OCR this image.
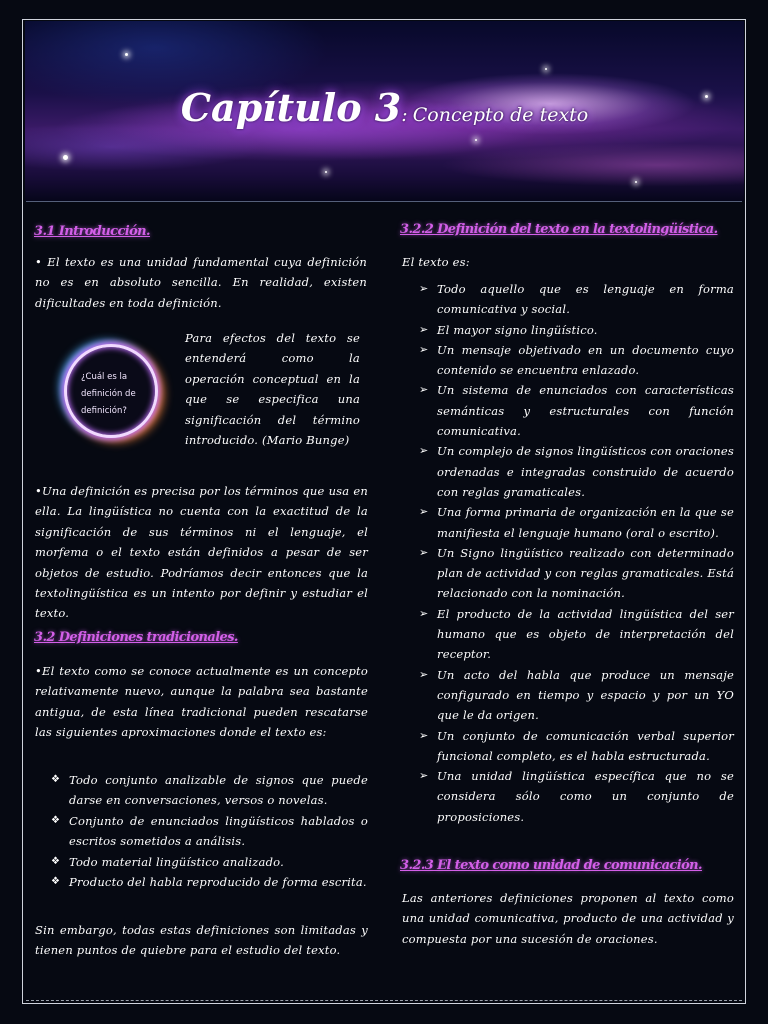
Capítulo 3: Concepto de texto
3.1 Introducción.
• El texto es una unidad fundamental cuya definición no es en absoluto sencilla. En realidad, existen dificultades en toda definición.
¿Cuál es la definición de definición?
Para efectos del texto se entenderá como la operación conceptual en la que se especifica una significación del término introducido. (Mario Bunge)
•Una definición es precisa por los términos que usa en ella. La lingüística no cuenta con la exactitud de la significación de sus términos ni el lenguaje, el morfema o el texto están definidos a pesar de ser objetos de estudio. Podríamos decir entonces que la textolingüística es un intento por definir y estudiar el texto.
3.2 Definiciones tradicionales.
•El texto como se conoce actualmente es un concepto relativamente nuevo, aunque la palabra sea bastante antigua, de esta línea tradicional pueden rescatarse las siguientes aproximaciones donde el texto es:
❖ Todo conjunto analizable de signos que puede darse en conversaciones, versos o novelas.
❖ Conjunto de enunciados lingüísticos hablados o escritos sometidos a análisis.
❖ Todo material lingüístico analizado.
❖ Producto del habla reproducido de forma escrita.
Sin embargo, todas estas definiciones son limitadas y tienen puntos de quiebre para el estudio del texto.
3.2.2 Definición del texto en la textolingüística.
El texto es:
➢ Todo aquello que es lenguaje en forma comunicativa y social.
➢ El mayor signo lingüístico.
➢ Un mensaje objetivado en un documento cuyo contenido se encuentra enlazado.
➢ Un sistema de enunciados con características semánticas y estructurales con función comunicativa.
➢ Un complejo de signos lingüísticos con oraciones ordenadas e integradas construido de acuerdo con reglas gramaticales.
➢ Una forma primaria de organización en la que se manifiesta el lenguaje humano (oral o escrito).
➢ Un Signo lingüístico realizado con determinado plan de actividad y con reglas gramaticales. Está relacionado con la nominación.
➢ El producto de la actividad lingüística del ser humano que es objeto de interpretación del receptor.
➢ Un acto del habla que produce un mensaje configurado en tiempo y espacio y por un YO que le da origen.
➢ Un conjunto de comunicación verbal superior funcional completo, es el habla estructurada.
➢ Una unidad lingüística específica que no se considera sólo como un conjunto de proposiciones.
3.2.3 El texto como unidad de comunicación.
Las anteriores definiciones proponen al texto como una unidad comunicativa, producto de una actividad y compuesta por una sucesión de oraciones.
